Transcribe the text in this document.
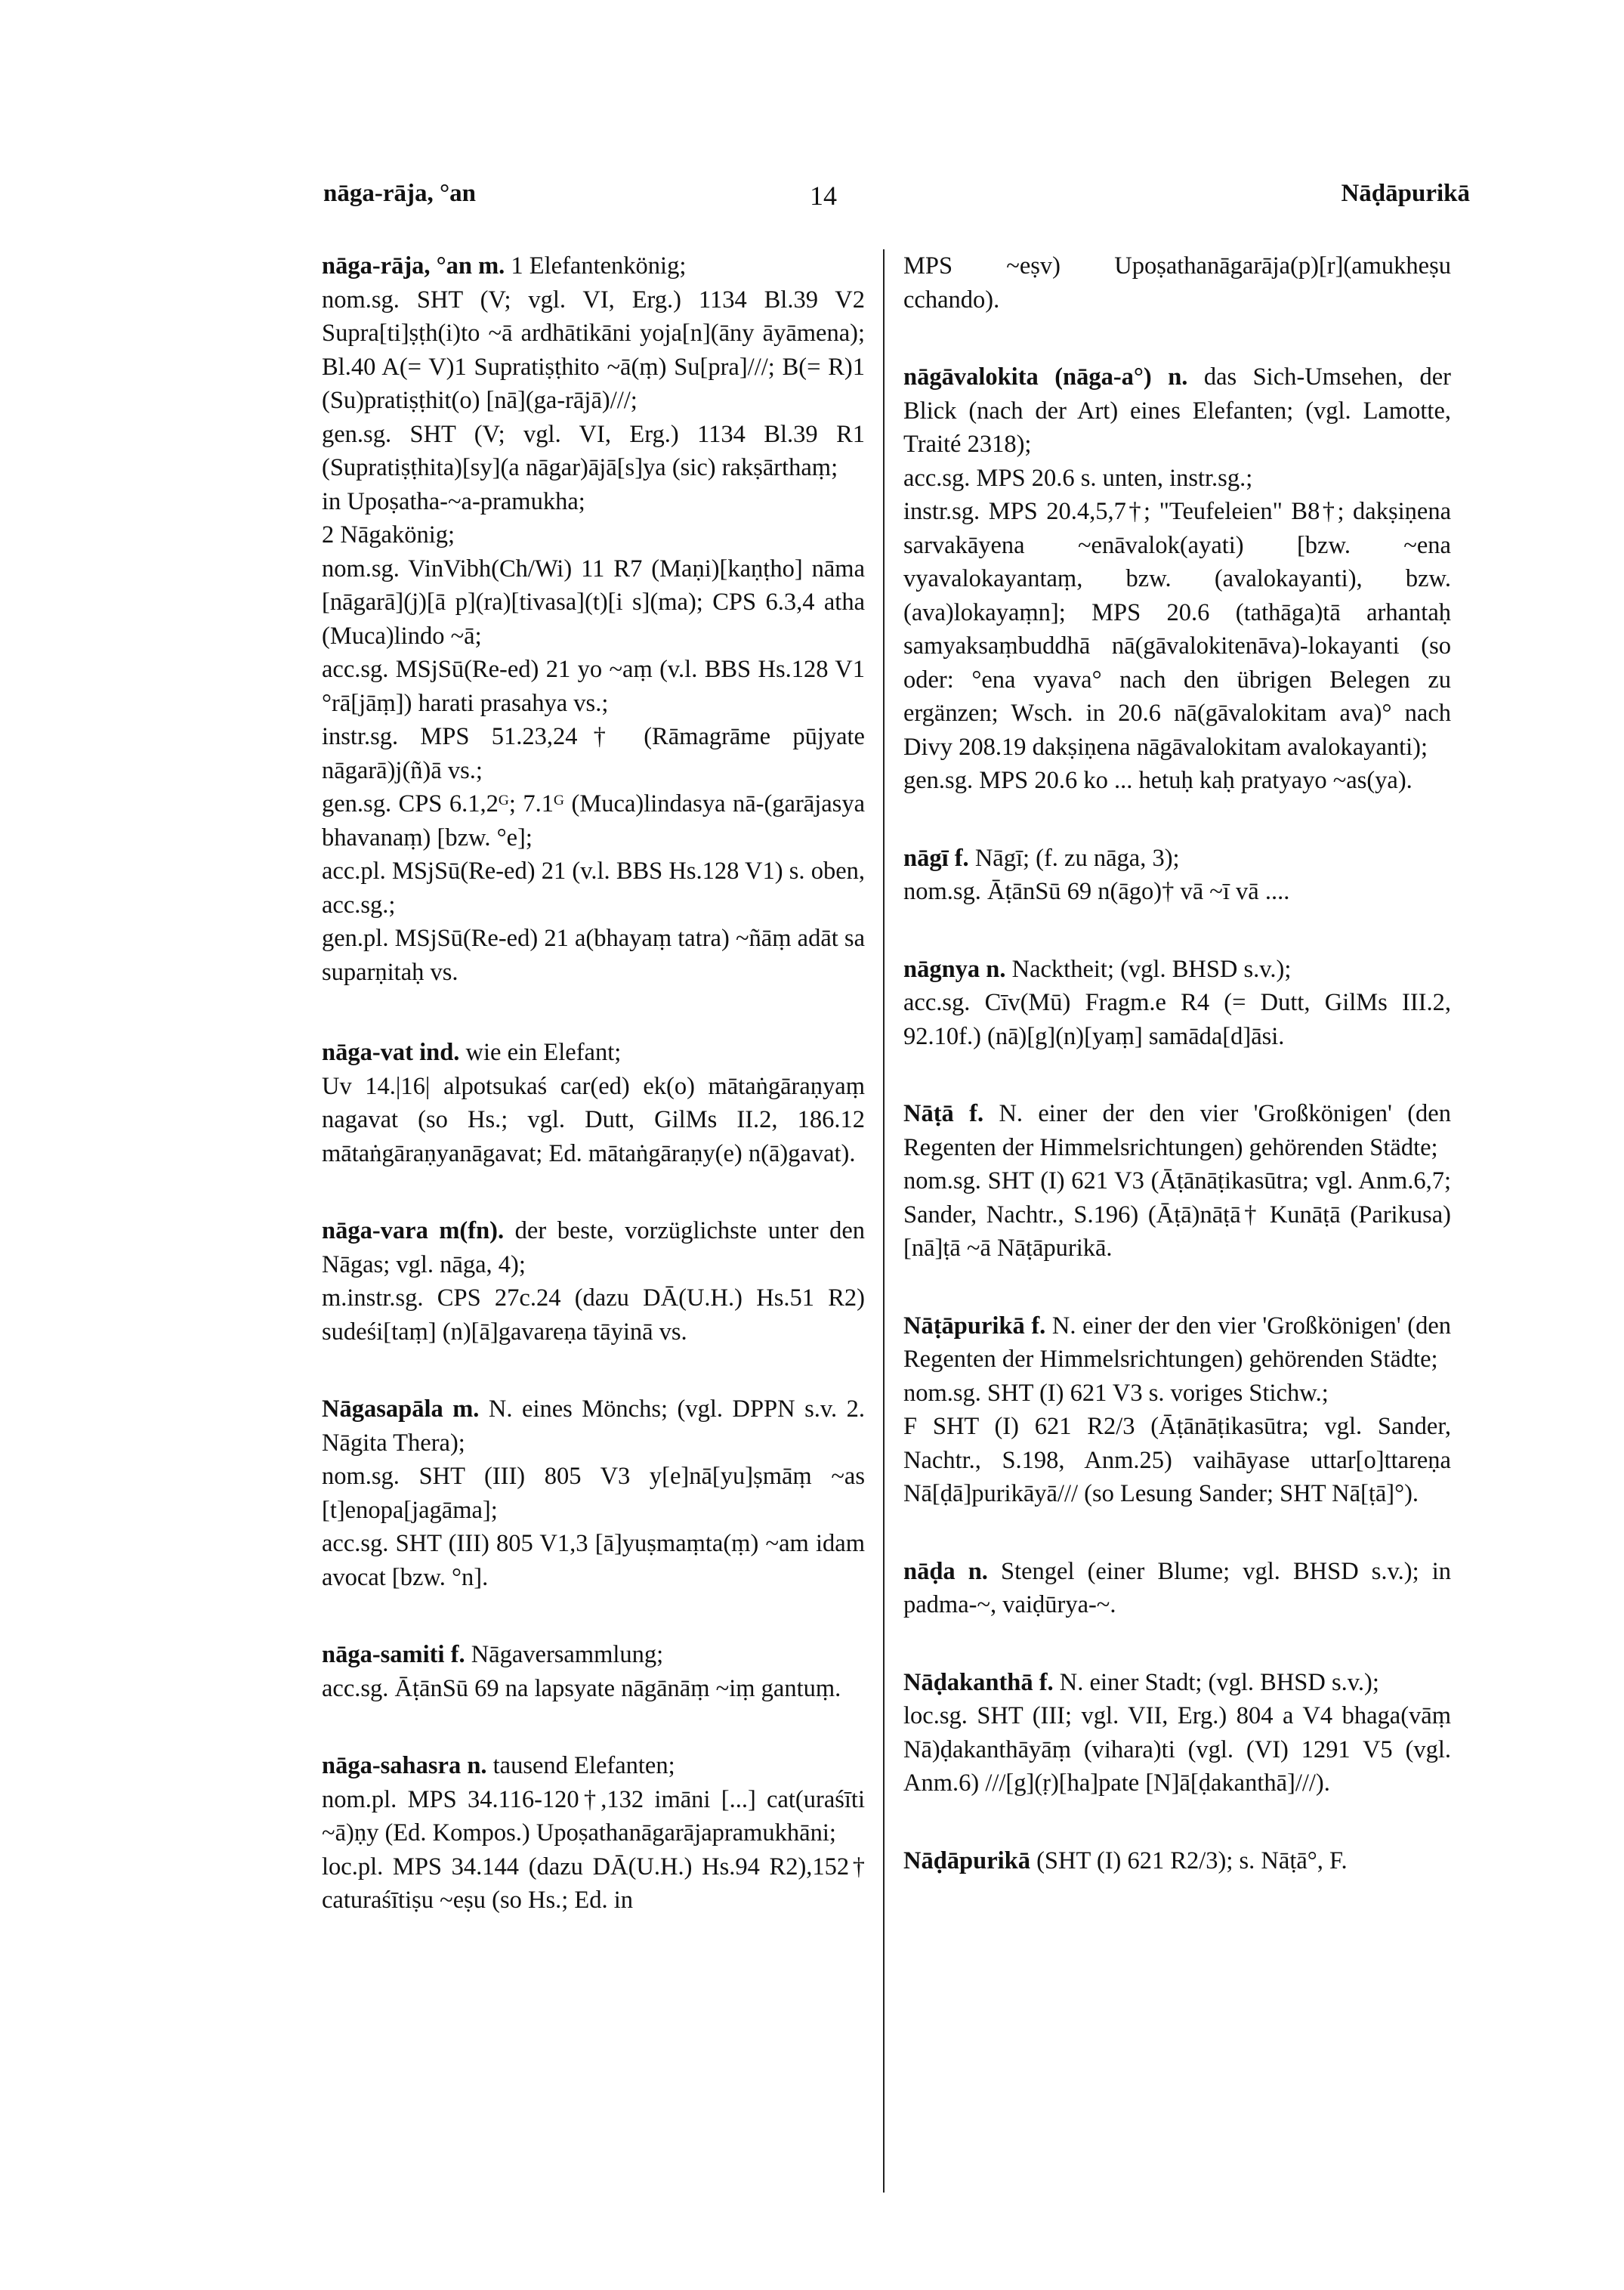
nāga-rāja, °an	14	Nāḍāpurikā

nāga-rāja, °an m. 1 Elefantenkönig;

nom.sg. SHT (V; vgl. VI, Erg.) 1134 Bl.39 V2 Supra[ti]ṣṭh(i)to ~ā ardhātikāni yoja[n](āny āyāmena); Bl.40 A(= V)1 Supratiṣṭhito ~ā(ṃ) Su[pra]///; B(= R)1 (Su)pratiṣṭhit(o) [nā](ga-rājā)///;

gen.sg. SHT (V; vgl. VI, Erg.) 1134 Bl.39 R1 (Supratiṣṭhita)[sy](a nāgar)ājā[s]ya (sic) rakṣārthaṃ;

in Upoṣatha-~a-pramukha;

2 Nāgakönig;

nom.sg. VinVibh(Ch/Wi) 11 R7 (Maṇi)[kaṇṭho] nāma [nāgarā](j)[ā p](ra)[tivasa](t)[i s](ma); CPS 6.3,4 atha (Muca)lindo ~ā;

acc.sg. MSjSū(Re-ed) 21 yo ~aṃ (v.l. BBS Hs.128 V1 °rā[jāṃ]) harati prasahya vs.;

instr.sg. MPS 51.23,24† (Rāmagrāme pūjyate nāgarā)j(ñ)ā vs.;

gen.sg. CPS 6.1,2ᴳ; 7.1ᴳ (Muca)lindasya nā-(garājasya bhavanaṃ) [bzw. °e];

acc.pl. MSjSū(Re-ed) 21 (v.l. BBS Hs.128 V1) s. oben, acc.sg.;

gen.pl. MSjSū(Re-ed) 21 a(bhayaṃ tatra) ~ñāṃ adāt sa suparṇitaḥ vs.

nāga-vat ind. wie ein Elefant;

Uv 14.|16| alpotsukaś car(ed) ek(o) mātaṅgāraṇyaṃ nagavat (so Hs.; vgl. Dutt, GilMs II.2, 186.12 mātaṅgāraṇyanāgavat; Ed. mātaṅgāraṇy(e) n(ā)gavat).

nāga-vara m(fn). der beste, vorzüglichste unter den Nāgas; vgl. nāga, 4);

m.instr.sg. CPS 27c.24 (dazu DĀ(U.H.) Hs.51 R2) sudeśi[taṃ] (n)[ā]gavareṇa tāyinā vs.

Nāgasapāla m. N. eines Mönchs; (vgl. DPPN s.v. 2. Nāgita Thera);

nom.sg. SHT (III) 805 V3 y[e]nā[yu]ṣmāṃ ~as [t]enopa[jagāma];

acc.sg. SHT (III) 805 V1,3 [ā]yuṣmaṃta(ṃ) ~am idam avocat [bzw. °n].

nāga-samiti f. Nāgaversammlung;

acc.sg. ĀṭānSū 69 na lapsyate nāgānāṃ ~iṃ gantuṃ.

nāga-sahasra n. tausend Elefanten;

nom.pl. MPS 34.116-120†,132 imāni [...] cat(uraśīti ~ā)ṇy (Ed. Kompos.) Upoṣathanāgarājapramukhāni;

loc.pl. MPS 34.144 (dazu DĀ(U.H.) Hs.94 R2),152† caturaśītiṣu ~eṣu (so Hs.; Ed. in

MPS ~eṣv) Upoṣathanāgarāja(p)[r](amukheṣu cchando).

nāgāvalokita (nāga-a°) n. das Sich-Umsehen, der Blick (nach der Art) eines Elefanten; (vgl. Lamotte, Traité 2318);

acc.sg. MPS 20.6 s. unten, instr.sg.;

instr.sg. MPS 20.4,5,7†; "Teufeleien" B8†; dakṣiṇena sarvakāyena ~enāvalok(ayati) [bzw. ~ena vyavalokayantaṃ, bzw. (avalokayanti), bzw. (ava)lokayaṃn]; MPS 20.6 (tathāga)tā arhantaḥ samyaksaṃbuddhā nā(gāvalokitenāva)-lokayanti (so oder: °ena vyava° nach den übrigen Belegen zu ergänzen; Wsch. in 20.6 nā(gāvalokitam ava)° nach Divy 208.19 dakṣiṇena nāgāvalokitam avalokayanti);

gen.sg. MPS 20.6 ko ... hetuḥ kaḥ pratyayo ~as(ya).

nāgī f. Nāgī; (f. zu nāga, 3);

nom.sg. ĀṭānSū 69 n(āgo)† vā ~ī vā ....

nāgnya n. Nacktheit; (vgl. BHSD s.v.);

acc.sg. Cīv(Mū) Fragm.e R4 (= Dutt, GilMs III.2, 92.10f.) (nā)[g](n)[yaṃ] samāda[d]āsi.

Nāṭā f. N. einer der den vier 'Großkönigen' (den Regenten der Himmelsrichtungen) gehörenden Städte;

nom.sg. SHT (I) 621 V3 (Āṭānāṭikasūtra; vgl. Anm.6,7; Sander, Nachtr., S.196) (Āṭā)nāṭā† Kunāṭā (Parikusa)[nā]ṭā ~ā Nāṭāpurikā.

Nāṭāpurikā f. N. einer der den vier 'Großkönigen' (den Regenten der Himmelsrichtungen) gehörenden Städte;

nom.sg. SHT (I) 621 V3 s. voriges Stichw.;

F SHT (I) 621 R2/3 (Āṭānāṭikasūtra; vgl. Sander, Nachtr., S.198, Anm.25) vaihāyase uttar[o]ttareṇa Nā[ḍā]purikāyā/// (so Lesung Sander; SHT Nā[ṭā]°).

nāḍa n. Stengel (einer Blume; vgl. BHSD s.v.); in padma-~, vaiḍūrya-~.

Nāḍakanthā f. N. einer Stadt; (vgl. BHSD s.v.);

loc.sg. SHT (III; vgl. VII, Erg.) 804 a V4 bhaga(vāṃ Nā)ḍakanthāyāṃ (vihara)ti (vgl. (VI) 1291 V5 (vgl. Anm.6) ///[g](ṛ)[ha]pate [N]ā[ḍakanthā]///).

Nāḍāpurikā (SHT (I) 621 R2/3); s. Nāṭā°, F.
